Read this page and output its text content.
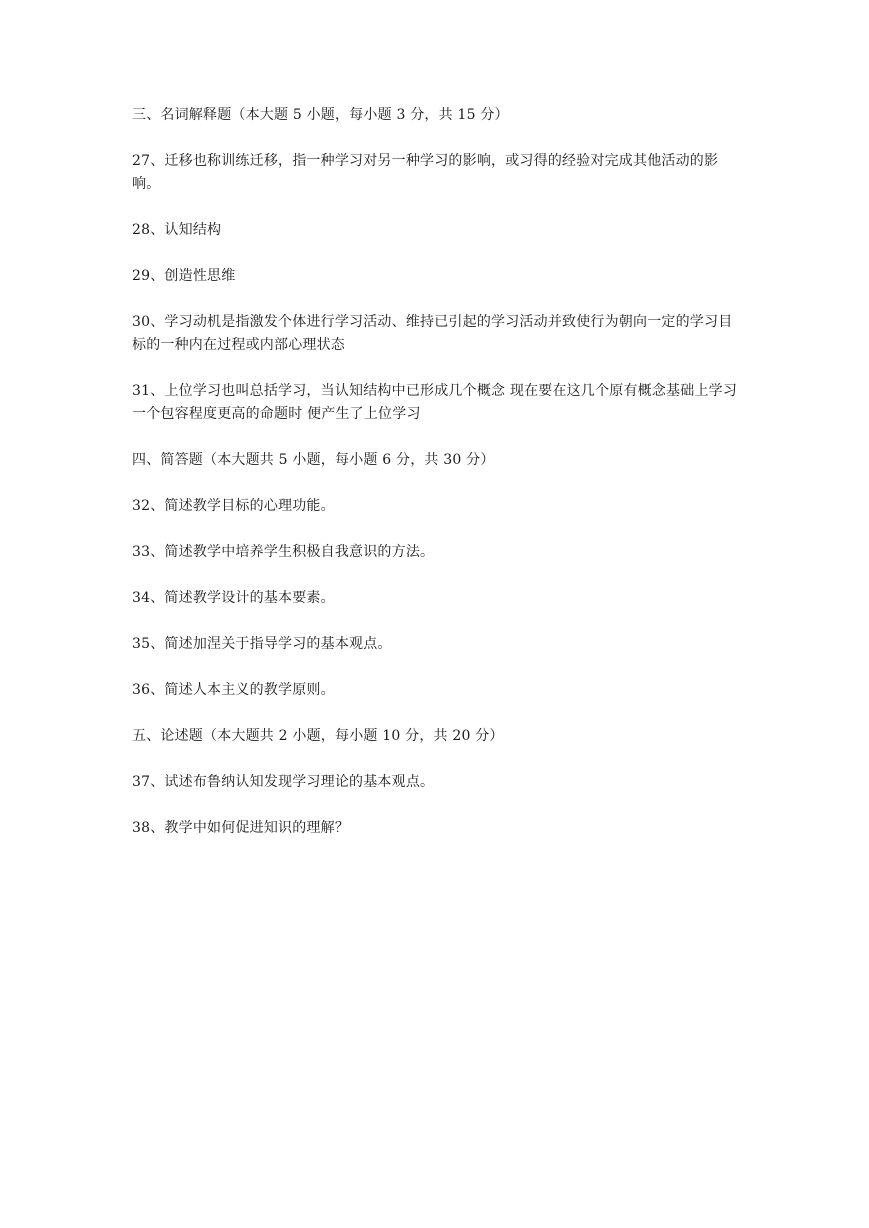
三、名词解释题（本大题 5 小题，每小题 3 分，共 15 分）

27、迁移也称训练迁移，指一种学习对另一种学习的影响，或习得的经验对完成其他活动的影响。

28、认知结构

29、创造性思维

30、学习动机是指激发个体进行学习活动、维持已引起的学习活动并致使行为朝向一定的学习目标的一种内在过程或内部心理状态

31、上位学习也叫总括学习，当认知结构中已形成几个概念 现在要在这几个原有概念基础上学习一个包容程度更高的命题时 便产生了上位学习

四、简答题（本大题共 5 小题，每小题 6 分，共 30 分）

32、简述教学目标的心理功能。

33、简述教学中培养学生积极自我意识的方法。

34、简述教学设计的基本要素。

35、简述加涅关于指导学习的基本观点。

36、简述人本主义的教学原则。

五、论述题（本大题共 2 小题，每小题 10 分，共 20 分）

37、试述布鲁纳认知发现学习理论的基本观点。

38、教学中如何促进知识的理解？
